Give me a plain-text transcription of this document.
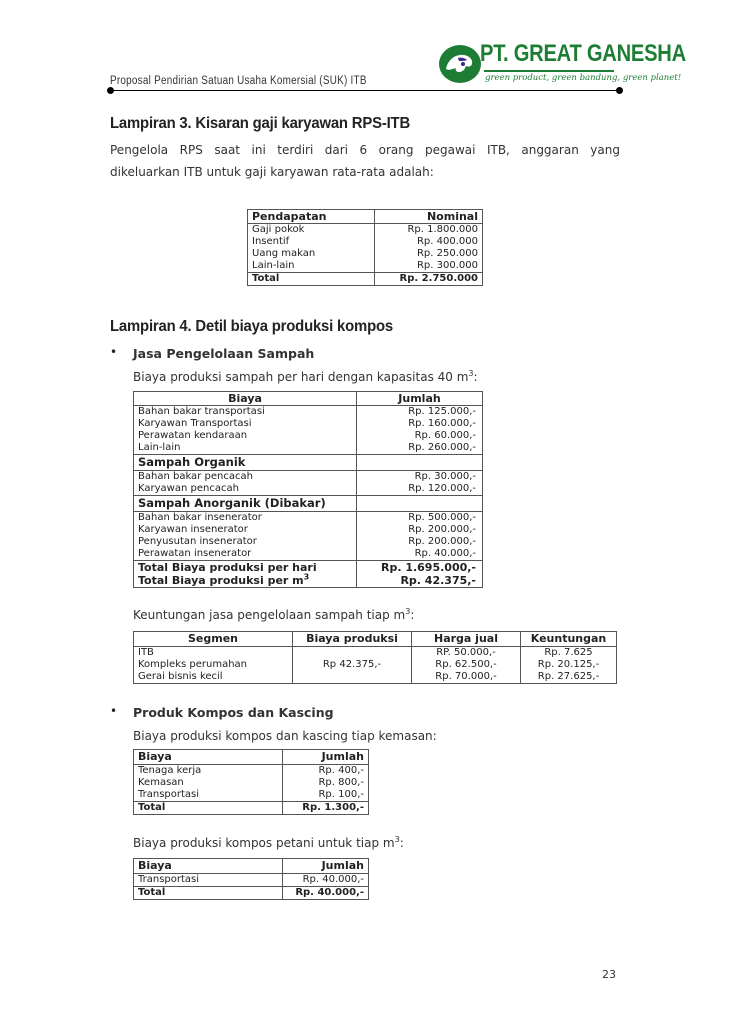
Proposal Pendirian Satuan Usaha Komersial (SUK) ITB
PT. GREAT GANESHA
green product, green bandung, green planet!
Lampiran 3. Kisaran gaji karyawan RPS-ITB
Pengelola RPS saat ini terdiri dari 6 orang pegawai ITB, anggaran yang
dikeluarkan ITB untuk gaji karyawan rata-rata adalah:
Pendapatan	Nominal
Gaji pokok	Rp. 1.800.000
Insentif	Rp. 400.000
Uang makan	Rp. 250.000
Lain-lain	Rp. 300.000
Total	Rp. 2.750.000
Lampiran 4. Detil biaya produksi kompos
• Jasa Pengelolaan Sampah
Biaya produksi sampah per hari dengan kapasitas 40 $m^3$:
Biaya	Jumlah
Bahan bakar transportasi	Rp. 125.000,-
Karyawan Transportasi	Rp. 160.000,-
Perawatan kendaraan	Rp. 60.000,-
Lain-lain	Rp. 260.000,-
Sampah Organik	
Bahan bakar pencacah	Rp. 30.000,-
Karyawan pencacah	Rp. 120.000,-
Sampah Anorganik (Dibakar)	
Bahan bakar insenerator	Rp. 500.000,-
Karyawan insenerator	Rp. 200.000,-
Penyusutan insenerator	Rp. 200.000,-
Perawatan insenerator	Rp. 40.000,-
Total Biaya produksi per hari	Rp. 1.695.000,-
Total Biaya produksi per $m^3$	Rp. 42.375,-
Keuntungan jasa pengelolaan sampah tiap $m^3$:
Segmen	Biaya produksi	Harga jual	Keuntungan
ITB	Rp 42.375,-	RP. 50.000,-	Rp. 7.625
Kompleks perumahan		Rp. 62.500,-	Rp. 20.125,-
Gerai bisnis kecil		Rp. 70.000,-	Rp. 27.625,-
• Produk Kompos dan Kascing
Biaya produksi kompos dan kascing tiap kemasan:
Biaya	Jumlah
Tenaga kerja	Rp. 400,-
Kemasan	Rp. 800,-
Transportasi	Rp. 100,-
Total	Rp. 1.300,-
Biaya produksi kompos petani untuk tiap $m^3$:
Biaya	Jumlah
Transportasi	Rp. 40.000,-
Total	Rp. 40.000,-
23
